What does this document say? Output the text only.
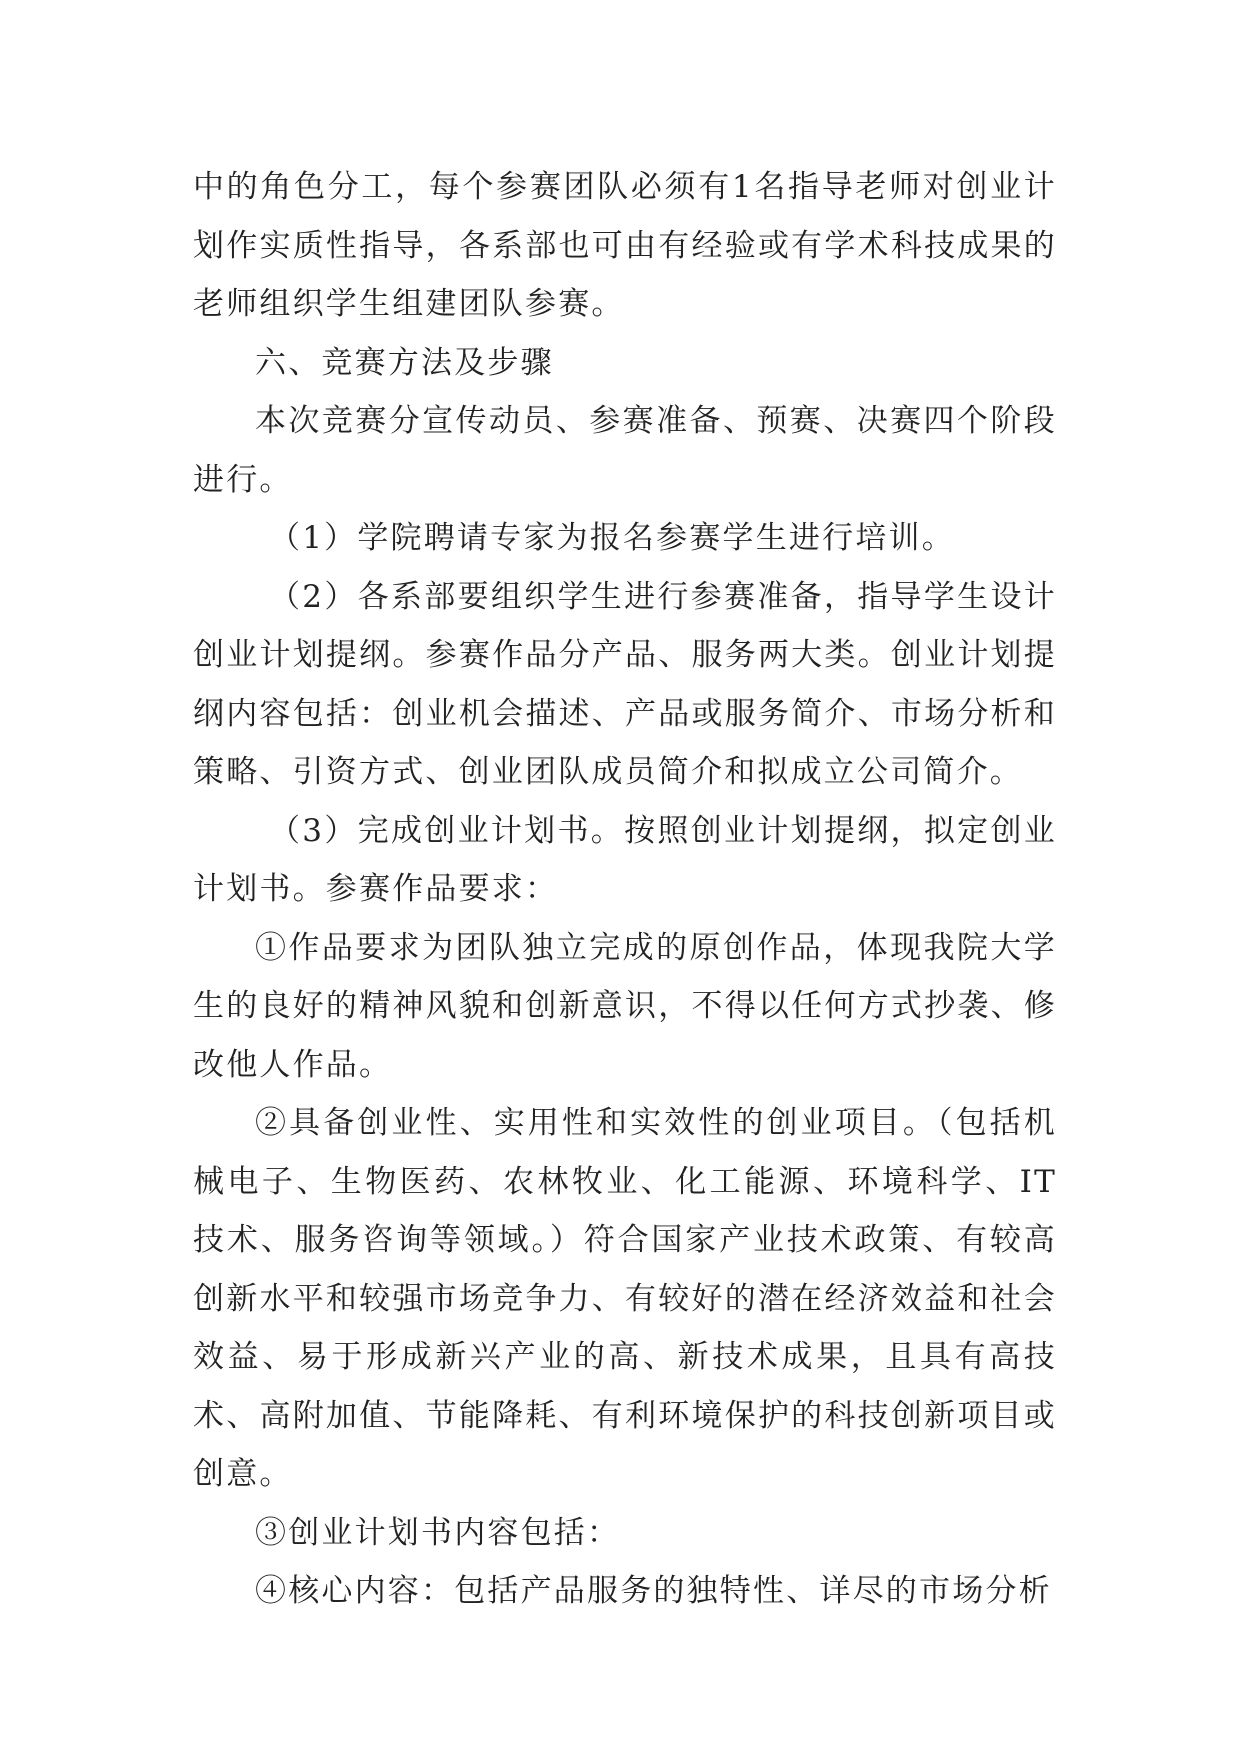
中的角色分工，每个参赛团队必须有1名指导老师对创业计划作实质性指导，各系部也可由有经验或有学术科技成果的老师组织学生组建团队参赛。

六、竞赛方法及步骤

本次竞赛分宣传动员、参赛准备、预赛、决赛四个阶段进行。

（1）学院聘请专家为报名参赛学生进行培训。

（2）各系部要组织学生进行参赛准备，指导学生设计创业计划提纲。参赛作品分产品、服务两大类。创业计划提纲内容包括：创业机会描述、产品或服务简介、市场分析和策略、引资方式、创业团队成员简介和拟成立公司简介。

（3）完成创业计划书。按照创业计划提纲，拟定创业计划书。参赛作品要求：

①作品要求为团队独立完成的原创作品，体现我院大学生的良好的精神风貌和创新意识，不得以任何方式抄袭、修改他人作品。

②具备创业性、实用性和实效性的创业项目。（包括机械电子、生物医药、农林牧业、化工能源、环境科学、IT技术、服务咨询等领域。）符合国家产业技术政策、有较高创新水平和较强市场竞争力、有较好的潜在经济效益和社会效益、易于形成新兴产业的高、新技术成果，且具有高技术、高附加值、节能降耗、有利环境保护的科技创新项目或创意。

③创业计划书内容包括：

④核心内容：包括产品服务的独特性、详尽的市场分析
